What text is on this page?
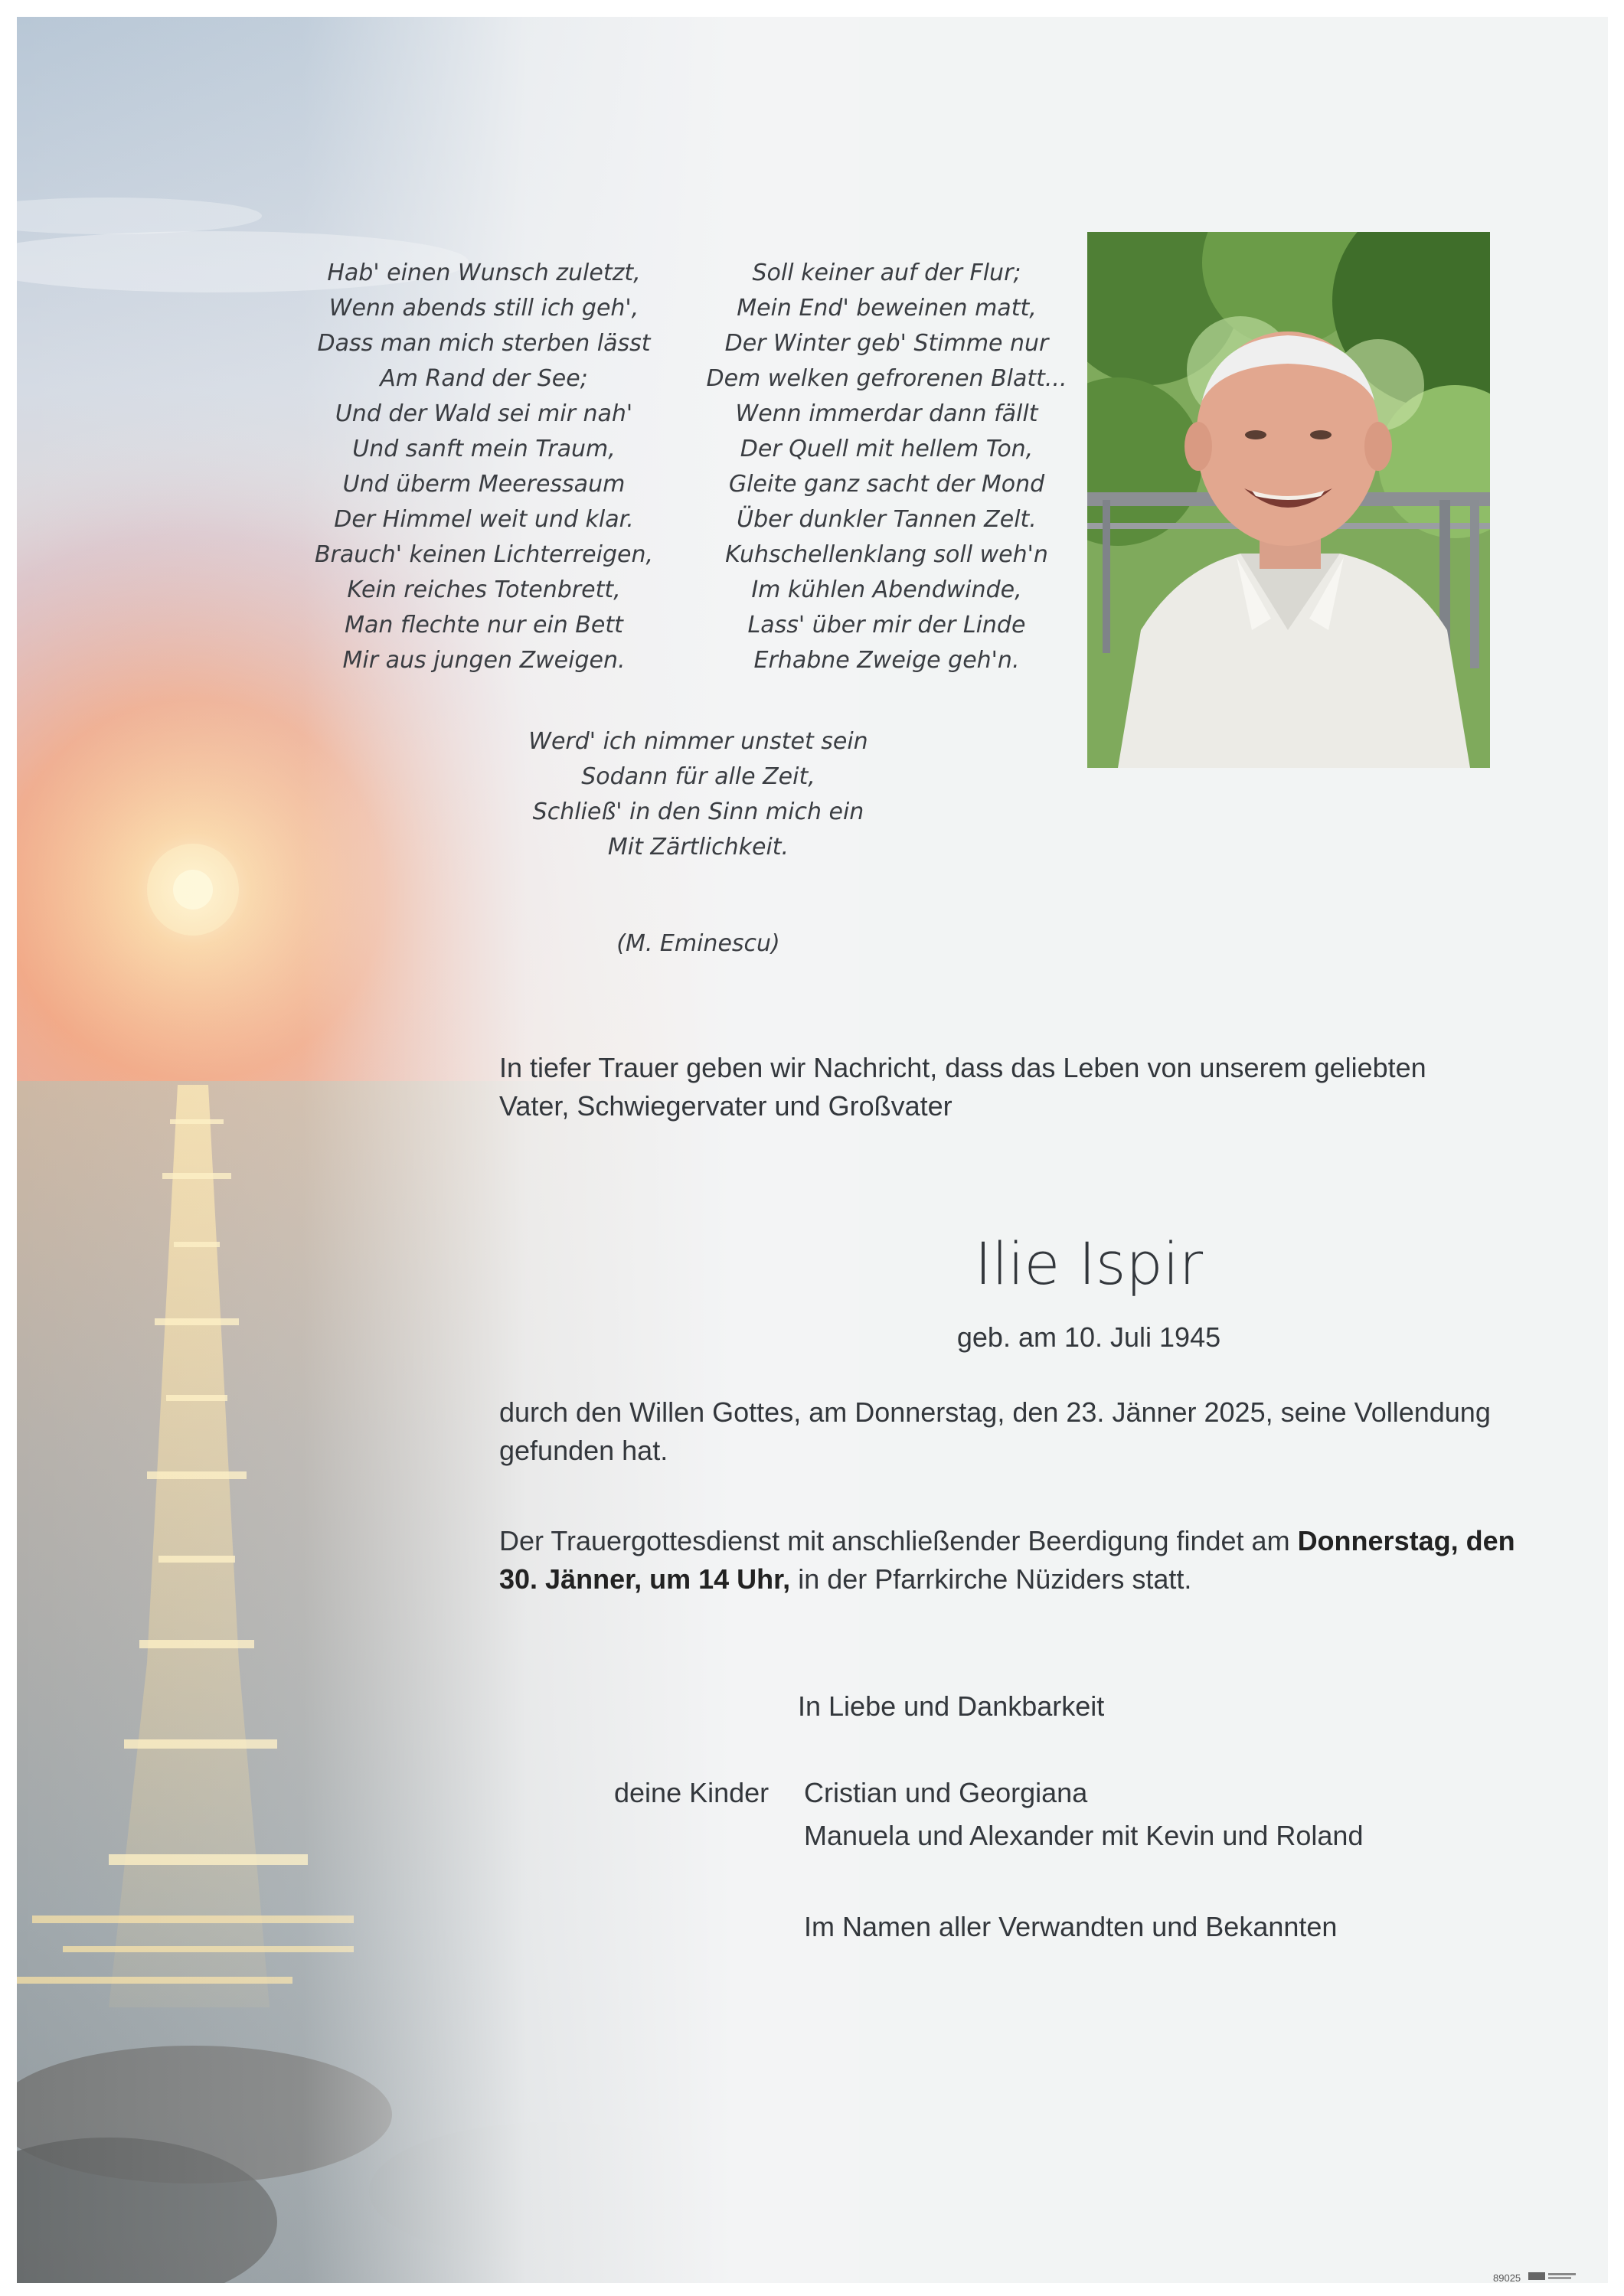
Hab' einen Wunsch zuletzt,
Wenn abends still ich geh',
Dass man mich sterben lässt
Am Rand der See;
Und der Wald sei mir nah'
Und sanft mein Traum,
Und überm Meeressaum
Der Himmel weit und klar.
Brauch' keinen Lichterreigen,
Kein reiches Totenbrett,
Man flechte nur ein Bett
Mir aus jungen Zweigen.
Soll keiner auf der Flur;
Mein End' beweinen matt,
Der Winter geb' Stimme nur
Dem welken gefrorenen Blatt...
Wenn immerdar dann fällt
Der Quell mit hellem Ton,
Gleite ganz sacht der Mond
Über dunkler Tannen Zelt.
Kuhschellenklang soll weh'n
Im kühlen Abendwinde,
Lass' über mir der Linde
Erhabne Zweige geh'n.
Werd' ich nimmer unstet sein
Sodann für alle Zeit,
Schließ' in den Sinn mich ein
Mit Zärtlichkeit.
(M. Eminescu)
In tiefer Trauer geben wir Nachricht, dass das Leben von unserem geliebten Vater, Schwiegervater und Großvater
Ilie Ispir
geb. am 10. Juli 1945
durch den Willen Gottes, am Donnerstag, den 23. Jänner 2025, seine Vollendung gefunden hat.
Der Trauergottesdienst mit anschließender Beerdigung findet am Donnerstag, den 30. Jänner, um 14 Uhr, in der Pfarrkirche Nüziders statt.
In Liebe und Dankbarkeit
deine Kinder Cristian und Georgiana
Manuela und Alexander mit Kevin und Roland
Im Namen aller Verwandten und Bekannten
89025
